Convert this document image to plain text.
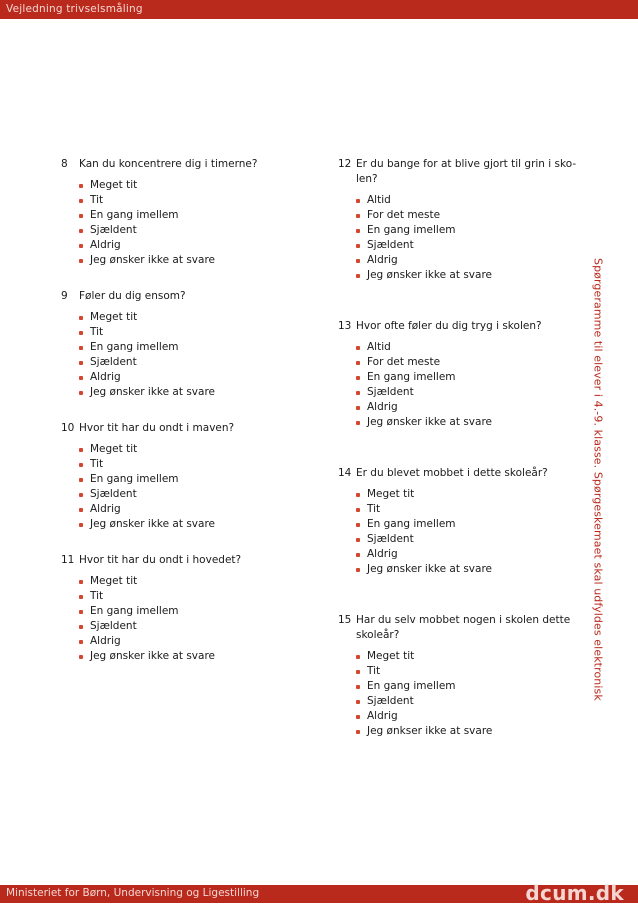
Vejledning trivselsmåling
Spørgeramme til elever i 4.-9. klasse. Spørgeskemaet skal udfyldes elektronisk
8	Kan du koncentrere dig i timerne?
Meget tit
Tit
En gang imellem
Sjældent
Aldrig
Jeg ønsker ikke at svare
9	Føler du dig ensom?
Meget tit
Tit
En gang imellem
Sjældent
Aldrig
Jeg ønsker ikke at svare
10 Hvor tit har du ondt i maven?
Meget tit
Tit
En gang imellem
Sjældent
Aldrig
Jeg ønsker ikke at svare
11 Hvor tit har du ondt i hovedet?
Meget tit
Tit
En gang imellem
Sjældent
Aldrig
Jeg ønsker ikke at svare
12 Er du bange for at blive gjort til grin i sko-len?
Altid
For det meste
En gang imellem
Sjældent
Aldrig
Jeg ønsker ikke at svare
13 Hvor ofte føler du dig tryg i skolen?
Altid
For det meste
En gang imellem
Sjældent
Aldrig
Jeg ønsker ikke at svare
14 Er du blevet mobbet i dette skoleår?
Meget tit
Tit
En gang imellem
Sjældent
Aldrig
Jeg ønsker ikke at svare
15 Har du selv mobbet nogen i skolen dette skoleår?
Meget tit
Tit
En gang imellem
Sjældent
Aldrig
Jeg ønkser ikke at svare
Ministeriet for Børn, Undervisning og Ligestilling	dcum.dk
